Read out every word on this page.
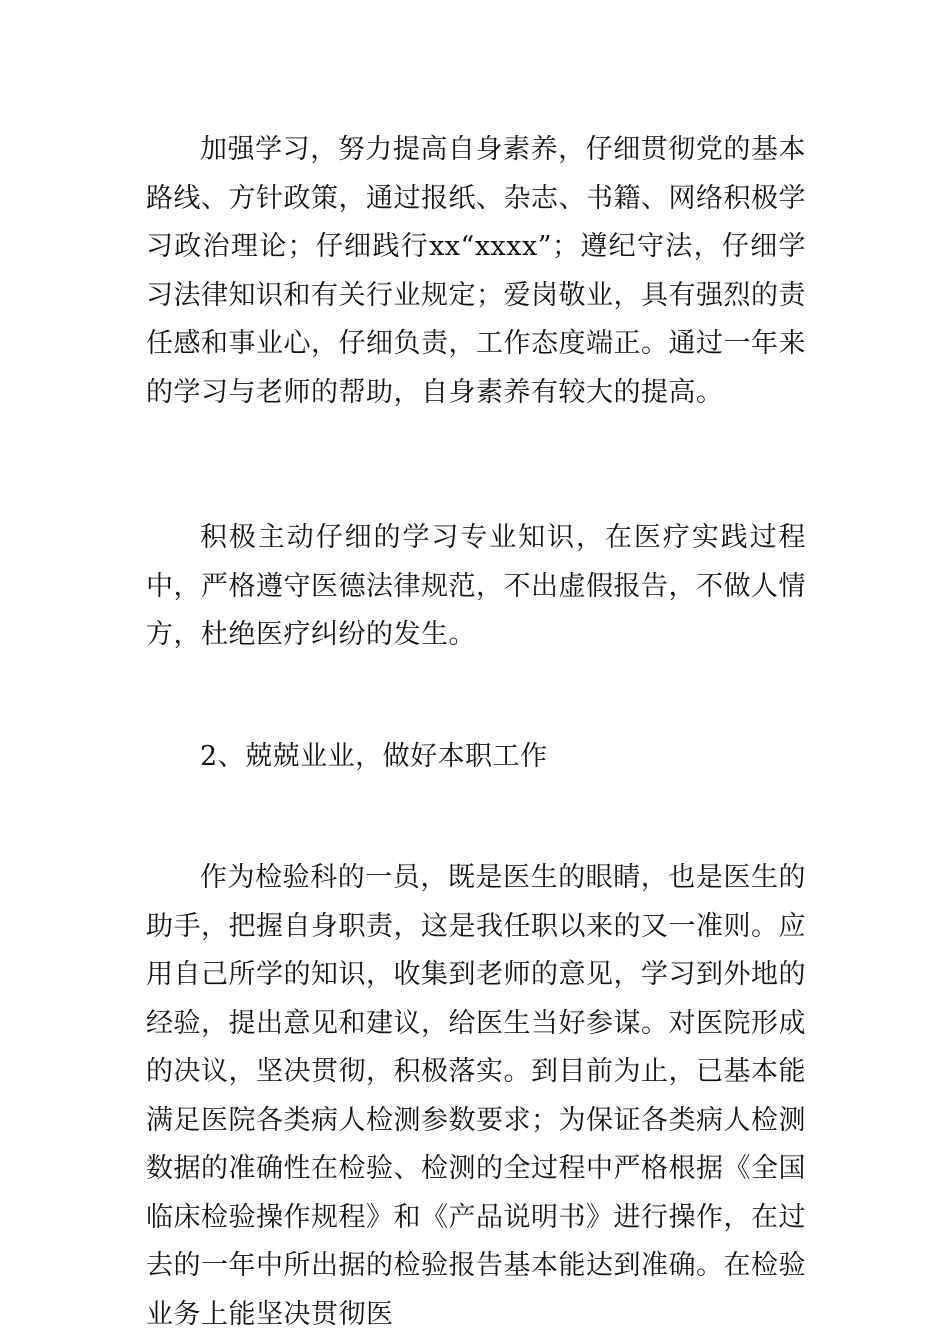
加强学习，努力提高自身素养，仔细贯彻党的基本路线、方针政策，通过报纸、杂志、书籍、网络积极学习政治理论；仔细践行xx“xxxx”；遵纪守法，仔细学习法律知识和有关行业规定；爱岗敬业，具有强烈的责任感和事业心，仔细负责，工作态度端正。通过一年来的学习与老师的帮助，自身素养有较大的提高。

积极主动仔细的学习专业知识，在医疗实践过程中，严格遵守医德法律规范，不出虚假报告，不做人情方，杜绝医疗纠纷的发生。

2、兢兢业业，做好本职工作

作为检验科的一员，既是医生的眼睛，也是医生的助手，把握自身职责，这是我任职以来的又一准则。应用自己所学的知识，收集到老师的意见，学习到外地的经验，提出意见和建议，给医生当好参谋。对医院形成的决议，坚决贯彻，积极落实。到目前为止，已基本能满足医院各类病人检测参数要求；为保证各类病人检测数据的准确性在检验、检测的全过程中严格根据《全国临床检验操作规程》和《产品说明书》进行操作，在过去的一年中所出据的检验报告基本能达到准确。在检验业务上能坚决贯彻医
